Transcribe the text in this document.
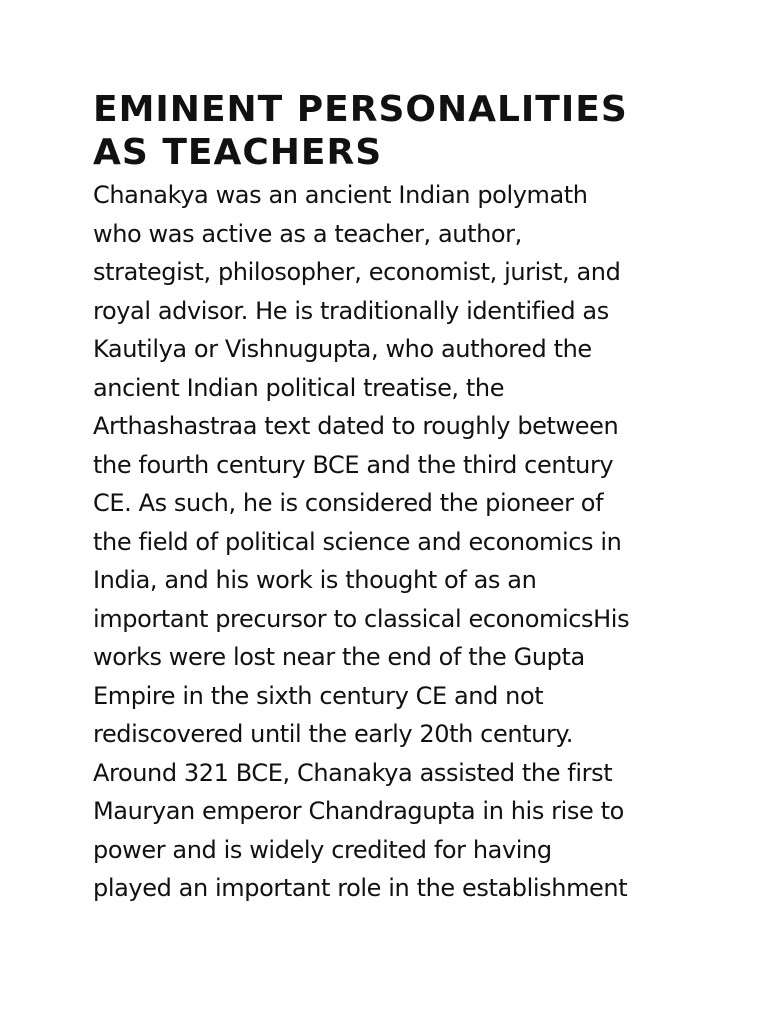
EMINENT PERSONALITIES
AS TEACHERS
Chanakya was an ancient Indian polymath
who was active as a teacher, author,
strategist, philosopher, economist, jurist, and
royal advisor. He is traditionally identified as
Kautilya or Vishnugupta, who authored the
ancient Indian political treatise, the
Arthashastraa text dated to roughly between
the fourth century BCE and the third century
CE. As such, he is considered the pioneer of
the field of political science and economics in
India, and his work is thought of as an
important precursor to classical economicsHis
works were lost near the end of the Gupta
Empire in the sixth century CE and not
rediscovered until the early 20th century.
Around 321 BCE, Chanakya assisted the first
Mauryan emperor Chandragupta in his rise to
power and is widely credited for having
played an important role in the establishment
